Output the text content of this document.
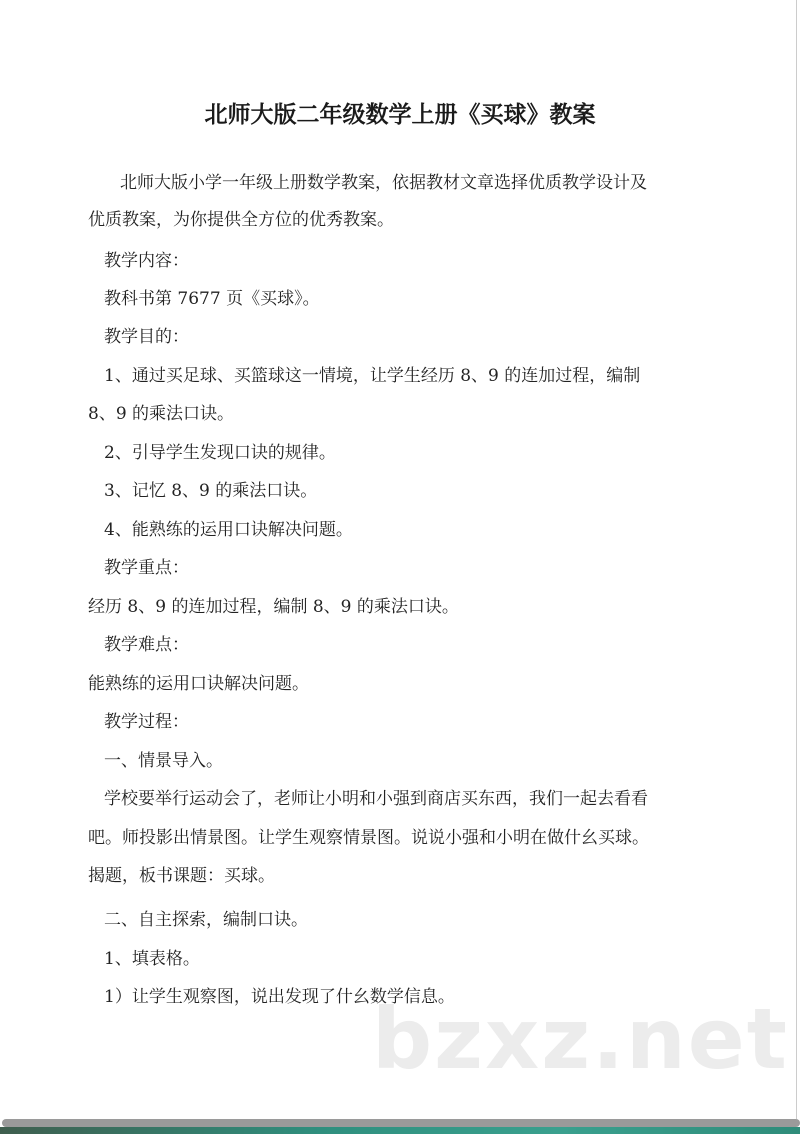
北师大版二年级数学上册《买球》教案
北师大版小学一年级上册数学教案，依据教材文章选择优质教学设计及
优质教案，为你提供全方位的优秀教案。
教学内容：
教科书第 7677 页《买球》。
教学目的：
1、通过买足球、买篮球这一情境，让学生经历 8、9 的连加过程，编制
8、9 的乘法口诀。
2、引导学生发现口诀的规律。
3、记忆 8、9 的乘法口诀。
4、能熟练的运用口诀解决问题。
教学重点：
经历 8、9 的连加过程，编制 8、9 的乘法口诀。
教学难点：
能熟练的运用口诀解决问题。
教学过程：
一、情景导入。
学校要举行运动会了，老师让小明和小强到商店买东西，我们一起去看看
吧。师投影出情景图。让学生观察情景图。说说小强和小明在做什幺买球。
揭题，板书课题：买球。
二、自主探索，编制口诀。
1、填表格。
1）让学生观察图，说出发现了什幺数学信息。
bzxz.net
